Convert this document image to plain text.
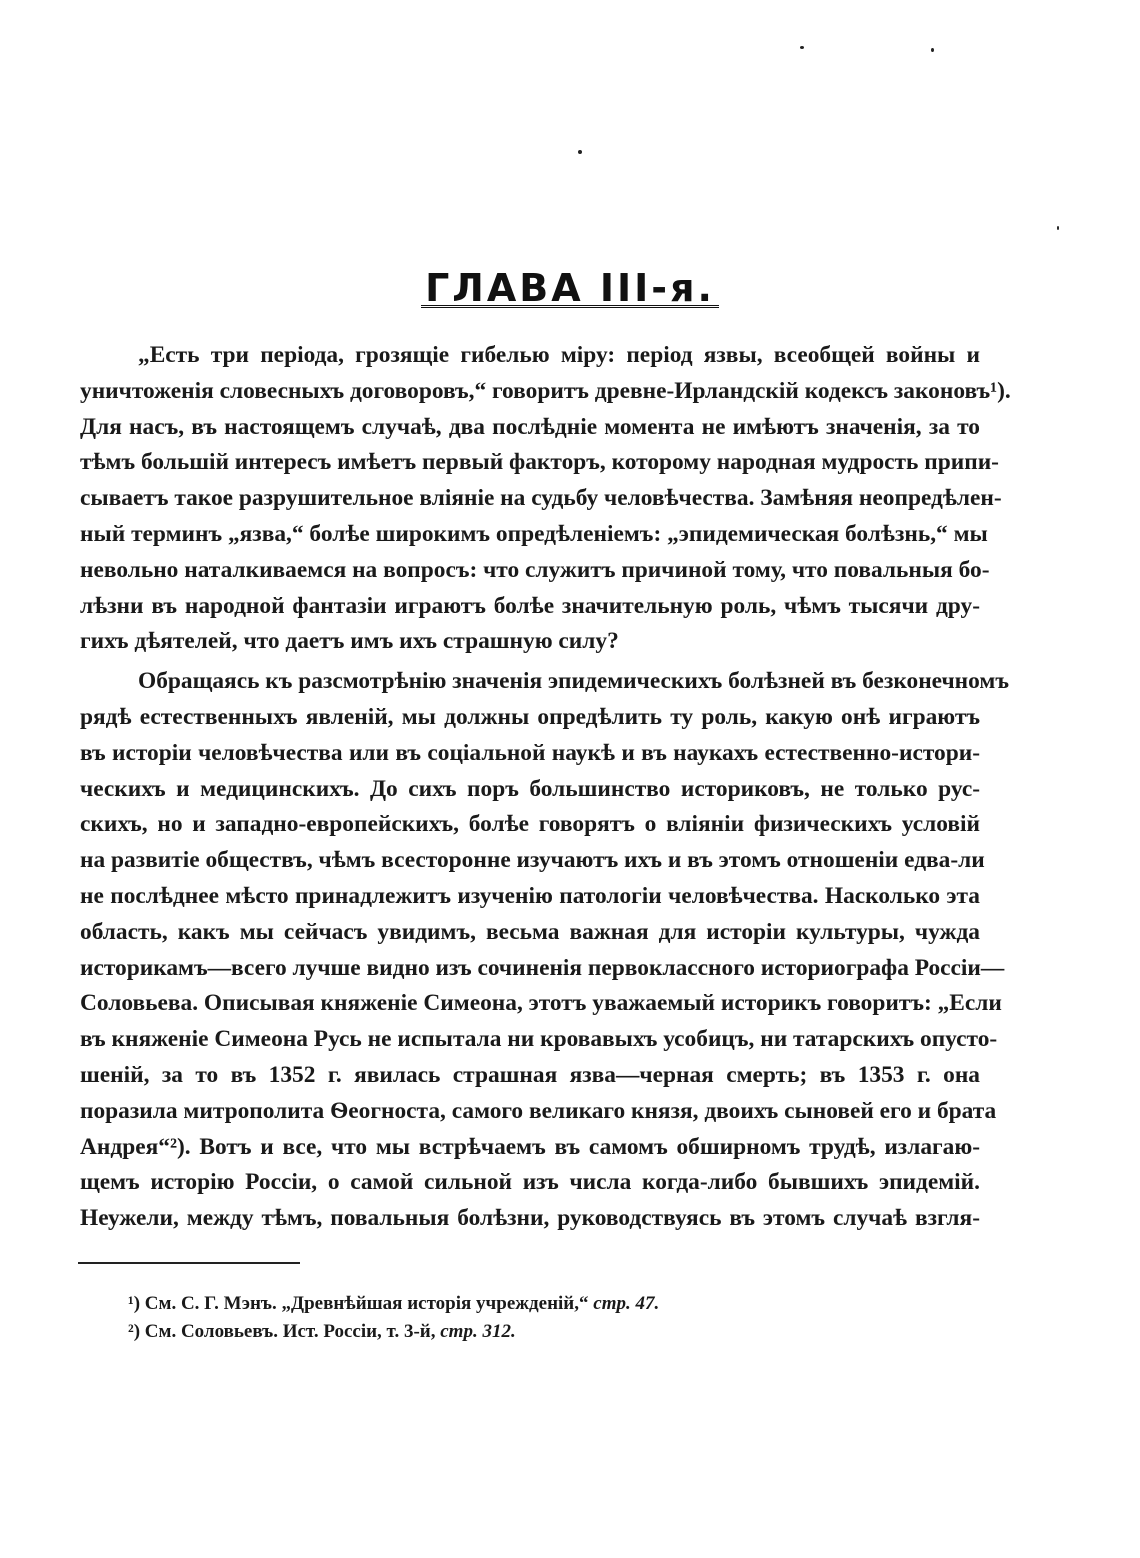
ГЛАВА III-я.
„Есть три періода, грозящіе гибелью міру: період язвы, всеобщей войны и
уничтоженія словесныхъ договоровъ,“ говоритъ древне-Ирландскій кодексъ законовъ¹).
Для насъ, въ настоящемъ случаѣ, два послѣдніе момента не имѣютъ значенія, за то
тѣмъ большій интересъ имѣетъ первый факторъ, которому народная мудрость припи-
сываетъ такое разрушительное вліяніе на судьбу человѣчества. Замѣняя неопредѣлен-
ный терминъ „язва,“ болѣе широкимъ опредѣленіемъ: „эпидемическая болѣзнь,“ мы
невольно наталкиваемся на вопросъ: что служитъ причиной тому, что повальныя бо-
лѣзни въ народной фантазіи играютъ болѣе значительную роль, чѣмъ тысячи дру-
гихъ дѣятелей, что даетъ имъ ихъ страшную силу?
Обращаясь къ разсмотрѣнію значенія эпидемическихъ болѣзней въ безконечномъ
рядѣ естественныхъ явленій, мы должны опредѣлить ту роль, какую онѣ играютъ
въ исторіи человѣчества или въ соціальной наукѣ и въ наукахъ естественно-истори-
ческихъ и медицинскихъ. До сихъ поръ большинство историковъ, не только рус-
скихъ, но и западно-европейскихъ, болѣе говорятъ о вліяніи физическихъ условій
на развитіе обществъ, чѣмъ всесторонне изучаютъ ихъ и въ этомъ отношеніи едва-ли
не послѣднее мѣсто принадлежитъ изученію патологіи человѣчества. Насколько эта
область, какъ мы сейчасъ увидимъ, весьма важная для исторіи культуры, чужда
историкамъ—всего лучше видно изъ сочиненія первоклассного историографа Россіи—
Соловьева. Описывая княженіе Симеона, этотъ уважаемый историкъ говоритъ: „Если
въ княженіе Симеона Русь не испытала ни кровавыхъ усобицъ, ни татарскихъ опусто-
шеній, за то въ 1352 г. явилась страшная язва—черная смерть; въ 1353 г. она
поразила митрополита Ѳеогноста, самого великаго князя, двоихъ сыновей его и брата
Андрея“²). Вотъ и все, что мы встрѣчаемъ въ самомъ обширномъ трудѣ, излагаю-
щемъ исторію Россіи, о самой сильной изъ числа когда-либо бывшихъ эпидемій.
Неужели, между тѣмъ, повальныя болѣзни, руководствуясь въ этомъ случаѣ взгля-
¹) См. С. Г. Мэнъ. „Древнѣйшая исторія учрежденій,“ стр. 47.
²) См. Соловьевъ. Ист. Россіи, т. 3-й, стр. 312.
